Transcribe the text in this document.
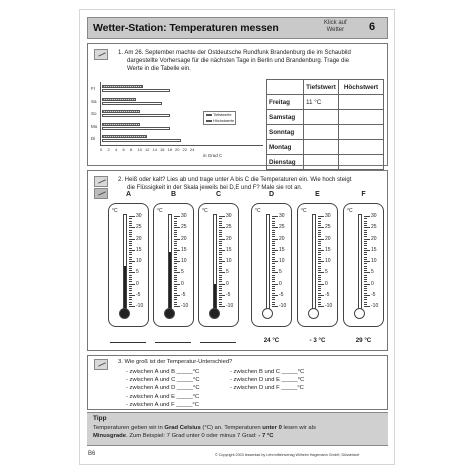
Wetter-Station: Temperaturen messen	Klick auf
Wetter 6
1. Am 26. September machte der Ostdeutsche Rundfunk Brandenburg die im Schaubild
dargestellte Vorhersage für die nächsten Tage in Berlin und Brandenburg. Trage die
Werte in die Tabelle ein.
Tiefstwerte
Höchstwerte
in Grad C
Fr
Sa
So
Mo
Di
0 2 4 6 8 10 12 14 16 18 20 22 24
	Tiefstwert	Höchstwert
Freitag	11 °C	
Samstag		
Sonntag		
Montag		
Dienstag		
2. Heiß oder kalt? Lies ab und trage unter A bis C die Temperaturen ein. Wie hoch steigt
die Flüssigkeit in der Skala jeweils bei D,E und F? Male sie rot an.
A
°C
30
25
20
15
10
5
0
-5
-10
B
°C
30
25
20
15
10
5
0
-5
-10
C
°C
30
25
20
15
10
5
0
-5
-10
D
°C
30
25
20
15
10
5
0
-5
-10
24 °C
E
°C
30
25
20
15
10
5
0
-5
-10
- 3 °C
F
°C
30
25
20
15
10
5
0
-5
-10
29 °C
3. Wie groß ist der Temperatur-Unterschied?
- zwischen A und B _____°C
- zwischen A und C _____°C
- zwischen A und D _____°C
- zwischen A und E _____°C
- zwischen A und F _____°C
- zwischen B und C _____°C
- zwischen D und E _____°C
- zwischen D und F _____°C
Tipp
Temperaturen geben wir in Grad Celsius (°C) an. Temperaturen unter 0 lesen wir als
Minusgrade. Zum Beispiel: 7 Grad unter 0 oder minus 7 Grad: - 7 °C
B6	© Copyright 2003 lessenlad by Lehrmitteinverlag Wilhelm Hagemann GmbH, Düsseldorf
